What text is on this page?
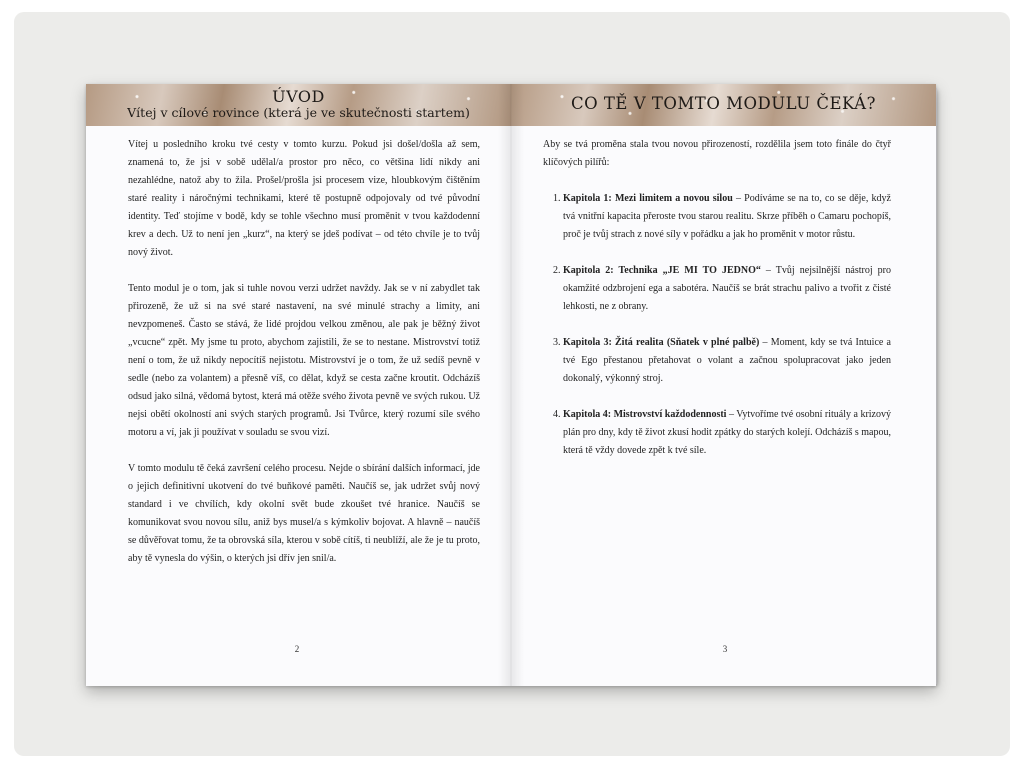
ÚVOD
Vítej v cílové rovince (která je ve skutečnosti startem)

Vítej u posledního kroku tvé cesty v tomto kurzu. Pokud jsi došel/došla až sem, znamená to, že jsi v sobě udělal/a prostor pro něco, co většina lidí nikdy ani nezahlédne, natož aby to žila. Prošel/prošla jsi procesem vize, hloubkovým čištěním staré reality i náročnými technikami, které tě postupně odpojovaly od tvé původní identity. Teď stojíme v bodě, kdy se tohle všechno musí proměnit v tvou každodenní krev a dech. Už to není jen „kurz“, na který se jdeš podívat – od této chvíle je to tvůj nový život.

Tento modul je o tom, jak si tuhle novou verzi udržet navždy. Jak se v ní zabydlet tak přirozeně, že už si na své staré nastavení, na své minulé strachy a limity, ani nevzpomeneš. Často se stává, že lidé projdou velkou změnou, ale pak je běžný život „vcucne“ zpět. My jsme tu proto, abychom zajistili, že se to nestane. Mistrovství totiž není o tom, že už nikdy nepocítíš nejistotu. Mistrovství je o tom, že už sedíš pevně v sedle (nebo za volantem) a přesně víš, co dělat, když se cesta začne kroutit. Odcházíš odsud jako silná, vědomá bytost, která má otěže svého života pevně ve svých rukou. Už nejsi obětí okolností ani svých starých programů. Jsi Tvůrce, který rozumí síle svého motoru a ví, jak ji používat v souladu se svou vizí.

V tomto modulu tě čeká završení celého procesu. Nejde o sbírání dalších informací, jde o jejich definitivní ukotvení do tvé buňkové paměti. Naučíš se, jak udržet svůj nový standard i ve chvílích, kdy okolní svět bude zkoušet tvé hranice. Naučíš se komunikovat svou novou sílu, aniž bys musel/a s kýmkoliv bojovat. A hlavně – naučíš se důvěřovat tomu, že ta obrovská síla, kterou v sobě cítíš, ti neublíží, ale že je tu proto, aby tě vynesla do výšin, o kterých jsi dřív jen snil/a.

2
CO TĚ V TOMTO MODULU ČEKÁ?

Aby se tvá proměna stala tvou novou přirozeností, rozdělila jsem toto finále do čtyř klíčových pilířů:

1. Kapitola 1: Mezi limitem a novou silou – Podíváme se na to, co se děje, když tvá vnitřní kapacita přeroste tvou starou realitu. Skrze příběh o Camaru pochopíš, proč je tvůj strach z nové síly v pořádku a jak ho proměnit v motor růstu.
2. Kapitola 2: Technika „JE MI TO JEDNO“ – Tvůj nejsilnější nástroj pro okamžité odzbrojení ega a sabotéra. Naučíš se brát strachu palivo a tvořit z čisté lehkosti, ne z obrany.
3. Kapitola 3: Žitá realita (Sňatek v plné palbě) – Moment, kdy se tvá Intuice a tvé Ego přestanou přetahovat o volant a začnou spolupracovat jako jeden dokonalý, výkonný stroj.
4. Kapitola 4: Mistrovství každodennosti – Vytvoříme tvé osobní rituály a krizový plán pro dny, kdy tě život zkusí hodit zpátky do starých kolejí. Odcházíš s mapou, která tě vždy dovede zpět k tvé síle.
3
